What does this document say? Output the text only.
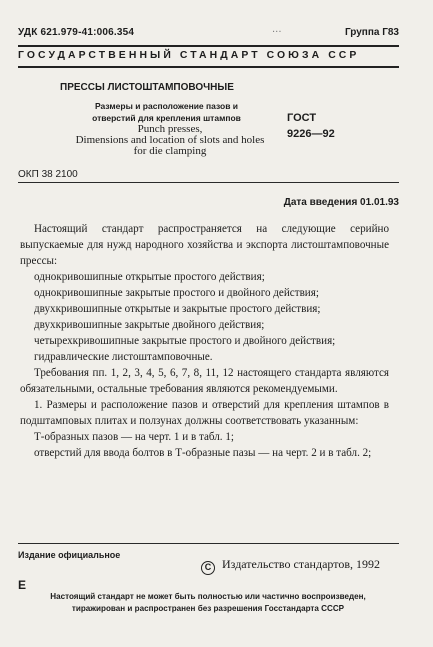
УДК 621.979-41:006.354	...	Группа Г83
ГОСУДАРСТВЕННЫЙ СТАНДАРТ СОЮЗА ССР
ПРЕССЫ ЛИСТОШТАМПОВОЧНЫЕ
Размеры и расположение пазов и
отверстий для крепления штампов	ГОСТ
9226—92
Punch presses,
Dimensions and location of slots and holes
for die clamping
ОКП 38 2100
Дата введения 01.01.93

Настоящий стандарт распространяется на следующие серийно выпускаемые для нужд народного хозяйства и экспорта листоштамповочные прессы:

однокривошипные открытые простого действия;

однокривошипные закрытые простого и двойного действия;

двухкривошипные открытые и закрытые простого действия;

двухкривошипные закрытые двойного действия;

четырехкривошипные закрытые простого и двойного действия;

гидравлические листоштамповочные.

Требования пп. 1, 2, 3, 4, 5, 6, 7, 8, 11, 12 настоящего стандарта являются обязательными, остальные требования являются рекомендуемыми.

1. Размеры и расположение пазов и отверстий для крепления штампов в подштамповых плитах и ползунах должны соответствовать указанным:

Т-образных пазов — на черт. 1 и в табл. 1;

отверстий для ввода болтов в Т-образные пазы — на черт. 2 и в табл. 2;

Издание официальное
C Издательство стандартов, 1992
Е
Настоящий стандарт не может быть полностью или частично воспроизведен,
тиражирован и распространен без разрешения Госстандарта СССР
